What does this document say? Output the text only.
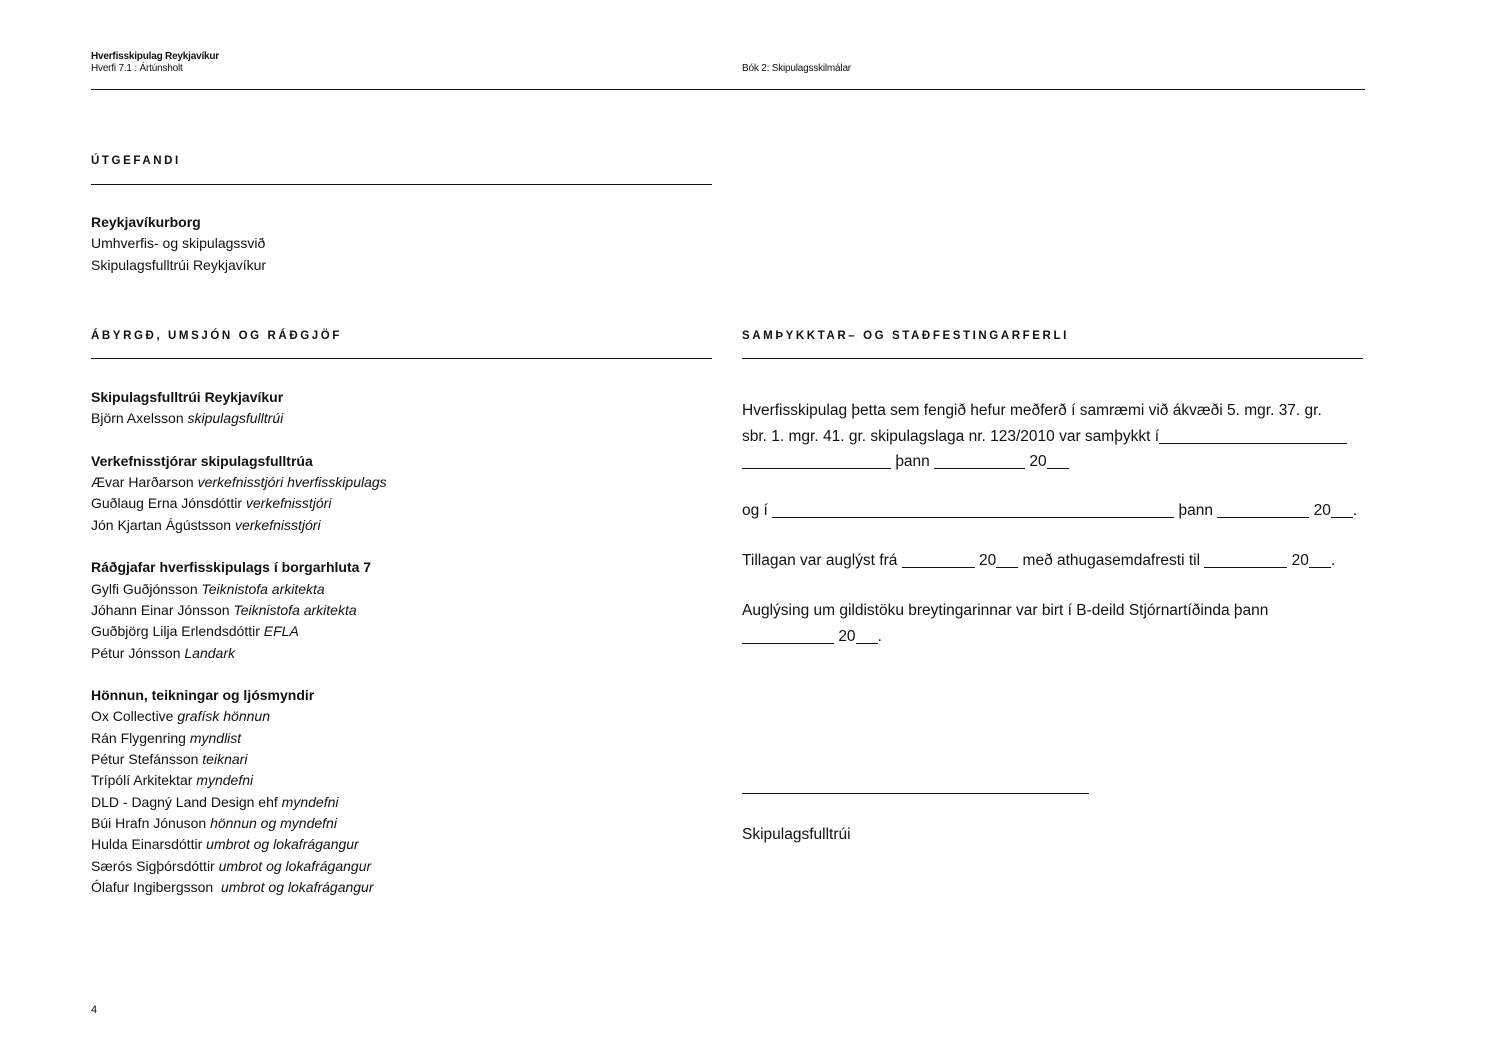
Hverfisskipulag Reykjavíkur
Hverfi 7.1 : Ártúnsholt	Bók 2: Skipulagsskilmálar
ÚTGEFANDI
Reykjavíkurborg
Umhverfis- og skipulagssvið
Skipulagsfulltrúi Reykjavíkur
ÁBYRGÐ, UMSJÓN OG RÁÐGJÖF
Skipulagsfulltrúi Reykjavíkur
Björn Axelsson skipulagsfulltrúi
Verkefnisstjórar skipulagsfulltrúa
Ævar Harðarson verkefnisstjóri hverfisskipulags
Guðlaug Erna Jónsdóttir verkefnisstjóri
Jón Kjartan Ágústsson verkefnisstjóri
Ráðgjafar hverfisskipulags í borgarhluta 7
Gylfi Guðjónsson Teiknistofa arkitekta
Jóhann Einar Jónsson Teiknistofa arkitekta
Guðbjörg Lilja Erlendsdóttir EFLA
Pétur Jónsson Landark
Hönnun, teikningar og ljósmyndir
Ox Collective grafísk hönnun
Rán Flygenring myndlist
Pétur Stefánsson teiknari
Trípólí Arkitektar myndefni
DLD - Dagný Land Design ehf myndefni
Búi Hrafn Jónuson hönnun og myndefni
Hulda Einarsdóttir umbrot og lokafrágangur
Særós Sigþórsdóttir umbrot og lokafrágangur
Ólafur Ingibergsson  umbrot og lokafrágangur
SAMÞYKKTAR– OG STAÐFESTINGARFERLI
Hverfisskipulag þetta sem fengið hefur meðferð í samræmi við ákvæði 5. mgr. 37. gr.
sbr. 1. mgr. 41. gr. skipulagslaga nr. 123/2010 var samþykkt í
þann	20
og í	þann	20 .
Tillagan var auglýst frá	20 með athugasemdafresti til	20 .
Auglýsing um gildistöku breytingarinnar var birt í B-deild Stjórnartíðinda þann
20 .
Skipulagsfulltrúi
4
